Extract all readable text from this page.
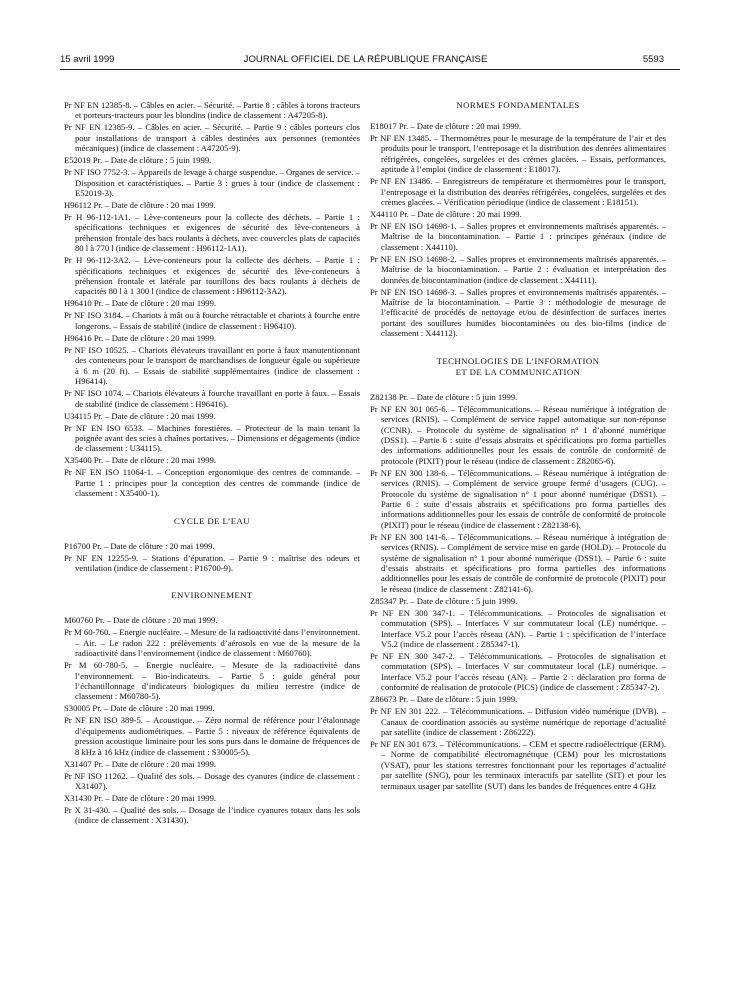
15 avril 1999	JOURNAL OFFICIEL DE LA RÉPUBLIQUE FRANÇAISE	5593
Pr NF EN 12385-8. – Câbles en acier. – Sécurité. – Partie 8 : câbles à torons tracteurs et porteurs-tracteurs pour les blondins (indice de classement : A47205-8).
Pr NF EN 12385-9. – Câbles en acier. – Sécurité. – Partie 9 : câbles porteurs clos pour installations de transport à câbles destinées aux personnes (remontées mécaniques) (indice de classement : A47205-9).
E52019 Pr. – Date de clôture : 5 juin 1999.
Pr NF ISO 7752-3. – Appareils de levage à charge suspendue. – Organes de service. – Disposition et caractéristiques. – Partie 3 : grues à tour (indice de classement : E52019-3).
H96112 Pr. – Date de clôture : 20 mai 1999.
Pr H 96-112-1A1. – Lève-conteneurs pour la collecte des déchets. – Partie 1 : spécifications techniques et exigences de sécurité des lève-conteneurs à préhension frontale des bacs roulants à déchets, avec couvercles plats de capacités 80 l à 770 l (indice de classement : H96112-1A1).
Pr H 96-112-3A2. – Lève-conteneurs pour la collecte des déchets. – Partie 1 : spécifications techniques et exigences de sécurité des lève-conteneurs à préhension frontale et latérale par tourillons des bacs roulants à déchets de capacités 80 l à 1 300 l (indice de classement : H96112-3A2).
H96410 Pr. – Date de clôture : 20 mai 1999.
Pr NF ISO 3184. – Chariots à mât ou à fourche rétractable et chariots à fourche entre longerons. – Essais de stabilité (indice de classement : H96410).
H96416 Pr. – Date de clôture : 20 mai 1999.
Pr NF ISO 10525. – Chariots élévateurs travaillant en porte à faux manutentionnant des conteneurs pour le transport de marchandises de longueur égale ou supérieure à 6 m (20 ft). – Essais de stabilité supplémentaires (indice de classement : H96414).
Pr NF ISO 1074. – Chariots élévateurs à fourche travaillant en porte à faux. – Essais de stabilité (indice de classement : H96416).
U34115 Pr. – Date de clôture : 20 mai 1999.
Pr NF EN ISO 6533. – Machines forestières. – Protecteur de la main tenant la poignée avant des scies à chaînes portatives. – Dimensions et dégagements (indice de classement : U34115).
X35400 Pr. – Date de clôture : 20 mai 1999.
Pr NF EN ISO 11064-1. – Conception ergonomique des centres de commande. – Partie 1 : principes pour la conception des centres de commande (indice de classement : X35400-1).
CYCLE DE L’EAU
P16700 Pr. – Date de clôture : 20 mai 1999.
Pr NF EN 12255-9. – Stations d’épuration. – Partie 9 : maîtrise des odeurs et ventilation (indice de classement : P16700-9).
ENVIRONNEMENT
M60760 Pr. – Date de clôture : 20 mai 1999.
Pr M 60-760. – Energie nucléaire. – Mesure de la radioactivité dans l’environnement. – Air. – Le radon 222 : prélèvements d’aérosols en vue de la mesure de la radioactivité dans l’environnement (indice de classement : M60760).
Pr M 60-780-5. – Energie nucléaire. – Mesure de la radioactivité dans l’environnement. – Bio-indicateurs. – Partie 5 : guide général pour l’échantillonnage d’indicateurs biologiques du milieu terrestre (indice de classement : M60780-5).
S30005 Pr. – Date de clôture : 20 mai 1999.
Pr NF EN ISO 389-5. – Acoustique. – Zéro normal de référence pour l’étalonnage d’équipements audiométriques. – Partie 5 : niveaux de référence équivalents de pression acoustique liminaire pour les sons purs dans le domaine de fréquences de 8 kHz à 16 kHz (indice de classement : S30005-5).
X31407 Pr. – Date de clôture : 20 mai 1999.
Pr NF ISO 11262. – Qualité des sols. – Dosage des cyanures (indice de classement : X31407).
X31430 Pr. – Date de clôture : 20 mai 1999.
Pr X 31-430. – Qualité des sols. – Dosage de l’indice cyanures totaux dans les sols (indice de classement : X31430).
NORMES FONDAMENTALES
E18017 Pr. – Date de clôture : 20 mai 1999.
Pr NF EN 13485. – Thermomètres pour le mesurage de la température de l’air et des produits pour le transport, l’entreposage et la distribution des denrées alimentaires réfrigérées, congelées, surgelées et des crèmes glacées. – Essais, performances, aptitude à l’emploi (indice de classement : E18017).
Pr NF EN 13486. – Enregistreurs de température et thermomètres pour le transport, l’entreposage et la distribution des denrées réfrigérées, congelées, surgelées et des crèmes glacées. – Vérification périodique (indice de classement : E18151).
X44110 Pr. – Date de clôture : 20 mai 1999.
Pr NF EN ISO 14698-1. – Salles propres et environnements maîtrisés apparentés. – Maîtrise de la biocontamination. – Partie 1 : principes généraux (indice de classement : X44110).
Pr NF EN ISO 14698-2. – Salles propres et environnements maîtrisés apparentés. – Maîtrise de la biocontamination. – Partie 2 : évaluation et interprétation des données de biocontamination (indice de classement : X44111).
Pr NF EN ISO 14698-3. – Salles propres et environnements maîtrisés apparentés. – Maîtrise de la biocontamination. – Partie 3 : méthodologie de mesurage de l’efficacité de procédés de nettoyage et/ou de désinfection de surfaces inertes portant des souillures humides biocontaminées ou des bio-films (indice de classement : X44112).
TECHNOLOGIES DE L’INFORMATION
ET DE LA COMMUNICATION
Z82138 Pr. – Date de clôture : 5 juin 1999.
Pr NF EN 301 065-6. – Télécommunications. – Réseau numérique à intégration de services (RNIS). – Complément de service rappel automatique sur non-réponse (CCNR). – Protocole du système de signalisation n° 1 d’abonné numérique (DSS1). – Partie 6 : suite d’essais abstraits et spécifications pro forma partielles des informations additionnelles pour les essais de contrôle de conformité de protocole (PIXIT) pour le réseau (indice de classement : Z82065-6).
Pr NF EN 300 138-6. – Télécommunications. – Réseau numérique à intégration de services (RNIS). – Complément de service groupe fermé d’usagers (CUG). – Protocole du système de signalisation n° 1 pour abonné numérique (DSS1). – Partie 6 : suite d’essais abstraits et spécifications pro forma partielles des informations additionnelles pour les essais de contrôle de conformité de protocole (PIXIT) pour le réseau (indice de classement : Z82138-6).
Pr NF EN 300 141-6. – Télécommunications. – Réseau numérique à intégration de services (RNIS). – Complément de service mise en garde (HOLD). – Protocole du système de signalisation n° 1 pour abonné numérique (DSS1). – Partie 6 : suite d’essais abstraits et spécifications pro forma partielles des informations additionnelles pour les essais de contrôle de conformité de protocole (PIXIT) pour le réseau (indice de classement : Z82141-6).
Z85347 Pr. – Date de clôture : 5 juin 1999.
Pr NF EN 300 347-1. – Télécommunications. – Protocoles de signalisation et commutation (SPS). – Interfaces V sur commutateur local (LE) numérique. – Interface V5.2 pour l’accès réseau (AN). – Partie 1 : spécification de l’interface V5.2 (indice de classement : Z85347-1).
Pr NF EN 300 347-2. – Télécommunications. – Protocoles de signalisation et commutation (SPS). – Interfaces V sur commutateur local (LE) numérique. – Interface V5.2 pour l’accès réseau (AN). – Partie 2 : déclaration pro forma de conformité de réalisation de protocole (PICS) (indice de classement : Z85347-2).
Z86673 Pr. – Date de clôture : 5 juin 1999.
Pr NF EN 301 222. – Télécommunications. – Diffusion vidéo numérique (DVB). – Canaux de coordination associés au système numérique de reportage d’actualité par satellite (indice de classement : Z86222).
Pr NF EN 301 673. – Télécommunications. – CEM et spectre radioélectrique (ERM). – Norme de compatibilité électromagnétique (CEM) pour les microstations (VSAT), pour les stations terrestres fonctionnant pour les reportages d’actualité par satellite (SNG), pour les terminaux interactifs par satellite (SIT) et pour les terminaux usager par satellite (SUT) dans les bandes de fréquences entre 4 GHz
